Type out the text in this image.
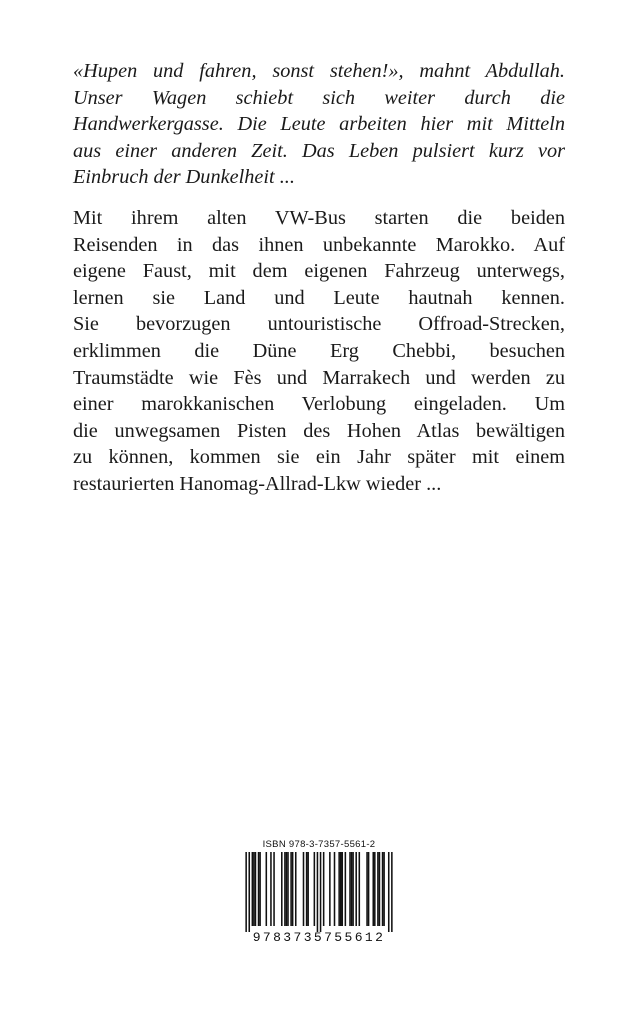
«Hupen und fahren, sonst stehen!», mahnt Abdullah.
Unser Wagen schiebt sich weiter durch die
Handwerkergasse. Die Leute arbeiten hier mit Mitteln
aus einer anderen Zeit. Das Leben pulsiert kurz vor
Einbruch der Dunkelheit ...
Mit ihrem alten VW-Bus starten die beiden
Reisenden in das ihnen unbekannte Marokko. Auf
eigene Faust, mit dem eigenen Fahrzeug unterwegs,
lernen sie Land und Leute hautnah kennen.
Sie bevorzugen untouristische Offroad-Strecken,
erklimmen die Düne Erg Chebbi, besuchen
Traumstädte wie Fès und Marrakech und werden zu
einer marokkanischen Verlobung eingeladen. Um
die unwegsamen Pisten des Hohen Atlas bewältigen
zu können, kommen sie ein Jahr später mit einem
restaurierten Hanomag-Allrad-Lkw wieder ...
ISBN 978-3-7357-5561-2
9783735755612
